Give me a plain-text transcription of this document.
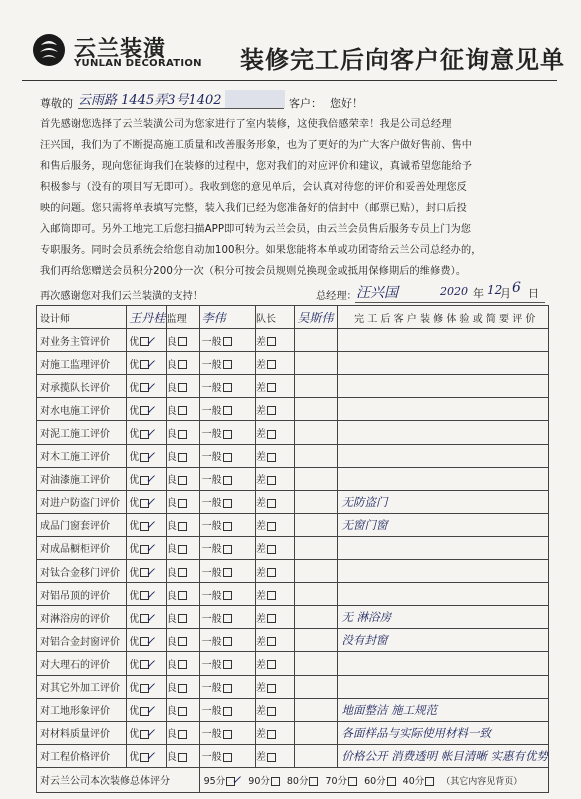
云兰装潢
YUNLAN DECORATION 装修完工后向客户征询意见单
尊敬的 云雨路 1445弄3号1402	客户： 您好！
首先感谢您选择了云兰装潢公司为您家进行了室内装修，这使我倍感荣幸！我是公司总经理
汪兴国，我们为了不断提高施工质量和改善服务形象，也为了更好的为广大客户做好售前、售中
和售后服务，现向您征询我们在装修的过程中，您对我们的对应评价和建议，真诚希望您能给予
积极参与（没有的项目写无即可）。我收到您的意见单后，会认真对待您的评价和妥善处理您反
映的问题。您只需将单表填写完整，装入我们已经为您准备好的信封中（邮票已贴），封口后投
入邮筒即可。另外工地完工后您扫描APP即可转为云兰会员，由云兰会员售后服务专员上门为您
专职服务。同时会员系统会给您自动加100积分。如果您能将本单或功团寄给云兰公司总经办的，
我们再给您赠送会员积分200分一次（积分可按会员规则兑换现金或抵用保修期后的维修费）。
再次感谢您对我们云兰装潢的支持！	总经理： 汪兴国	2020 年 12
月 6 日
设计师	王丹桂	监理	李伟	队长	吴斯伟	完 工 后 客 户 装 修 体 验 或 简 要 评 价
对业务主管评价	优 ✓	良	一般	差		
对施工监理评价	优 ✓	良	一般	差		
对承揽队长评价	优 ✓	良	一般	差		
对水电施工评价	优 ✓	良	一般	差		
对泥工施工评价	优 ✓	良	一般	差		
对木工施工评价	优 ✓	良	一般	差		
对油漆施工评价	优 ✓	良	一般	差		
对进户防盗门评价	优 ✓	良	一般	差		无防盗门
成品门窗套评价	优 ✓	良	一般	差		无窗门窗
对成品橱柜评价	优 ✓	良	一般	差		
对钛合金移门评价	优 ✓	良	一般	差		
对铝吊顶的评价	优 ✓	良	一般	差		
对淋浴房的评价	优 ✓	良	一般	差		无 淋浴房
对铝合金封窗评价	优 ✓	良	一般	差		没有封窗
对大理石的评价	优 ✓	良	一般	差		
对其它外加工评价	优 ✓	良	一般	差		
对工地形象评价	优 ✓	良	一般	差		地面整洁 施工规范
对材料质量评价	优 ✓	良	一般	差		各面样品与实际使用材料一致
对工程价格评价	优 ✓	良	一般	差		价格公开 消费透明 帐目清晰 实惠有优势
对云兰公司本次装修总体评分			95分 ✓ 90分 80分 70分 60分 40分 （其它内容见背页）			
